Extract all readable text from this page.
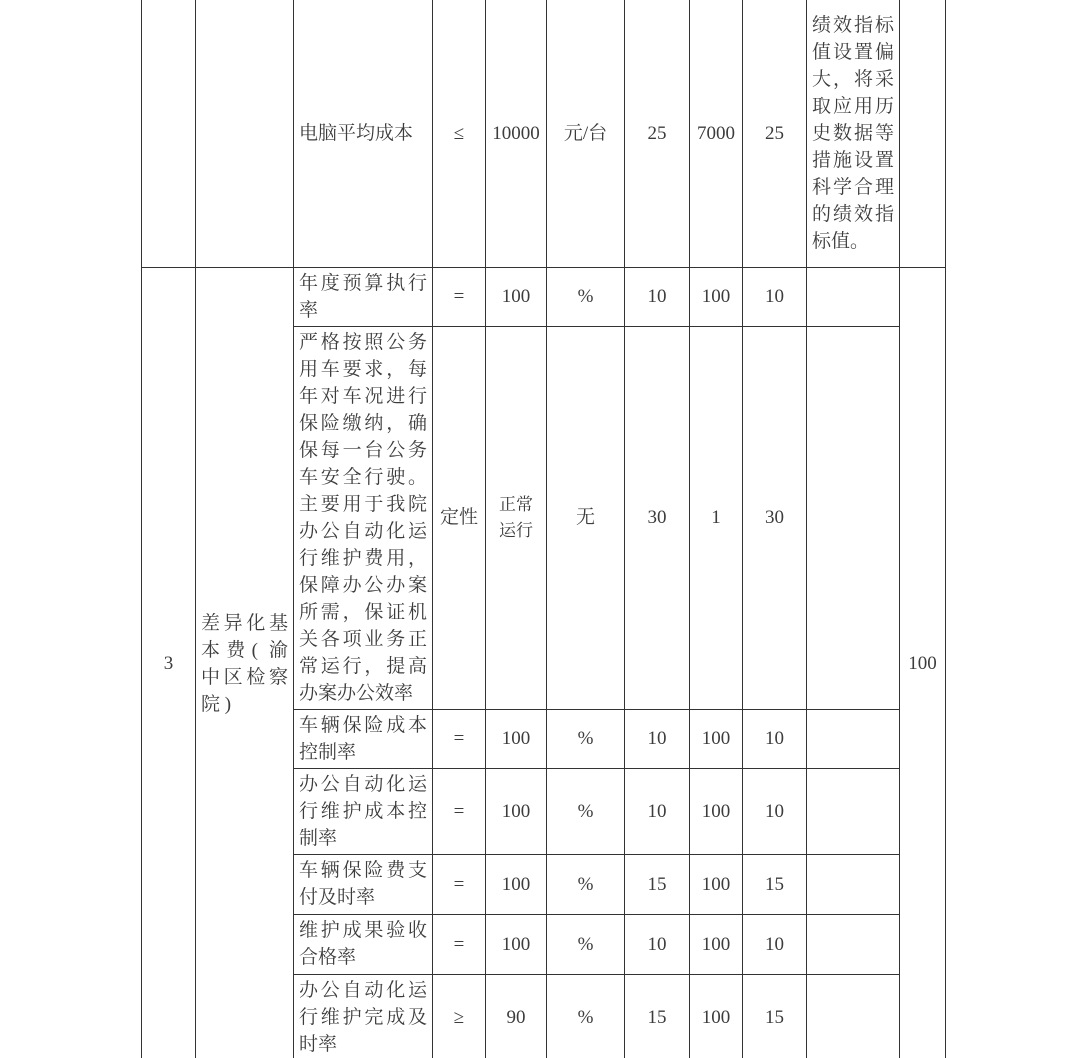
		电脑平均成本	≤	10000	元/台	25	7000	25	绩效指标值设置偏大，将采取应用历史数据等措施设置科学合理的绩效指标值。	
3	差异化基本费( 渝中区检察院 )	年度预算执行率	=	100	%	10	100	10		100
		严格按照公务用车要求，每年对车况进行保险缴纳，确保每一台公务车安全行驶。主要用于我院办公自动化运行维护费用，保障办公办案所需，保证机关各项业务正常运行，提高办案办公效率	定性	正常运行	无	30	1	30		
		车辆保险成本控制率	=	100	%	10	100	10		
		办公自动化运行维护成本控制率	=	100	%	10	100	10		
		车辆保险费支付及时率	=	100	%	15	100	15		
		维护成果验收合格率	=	100	%	10	100	10		
		办公自动化运行维护完成及时率	≥	90	%	15	100	15		
